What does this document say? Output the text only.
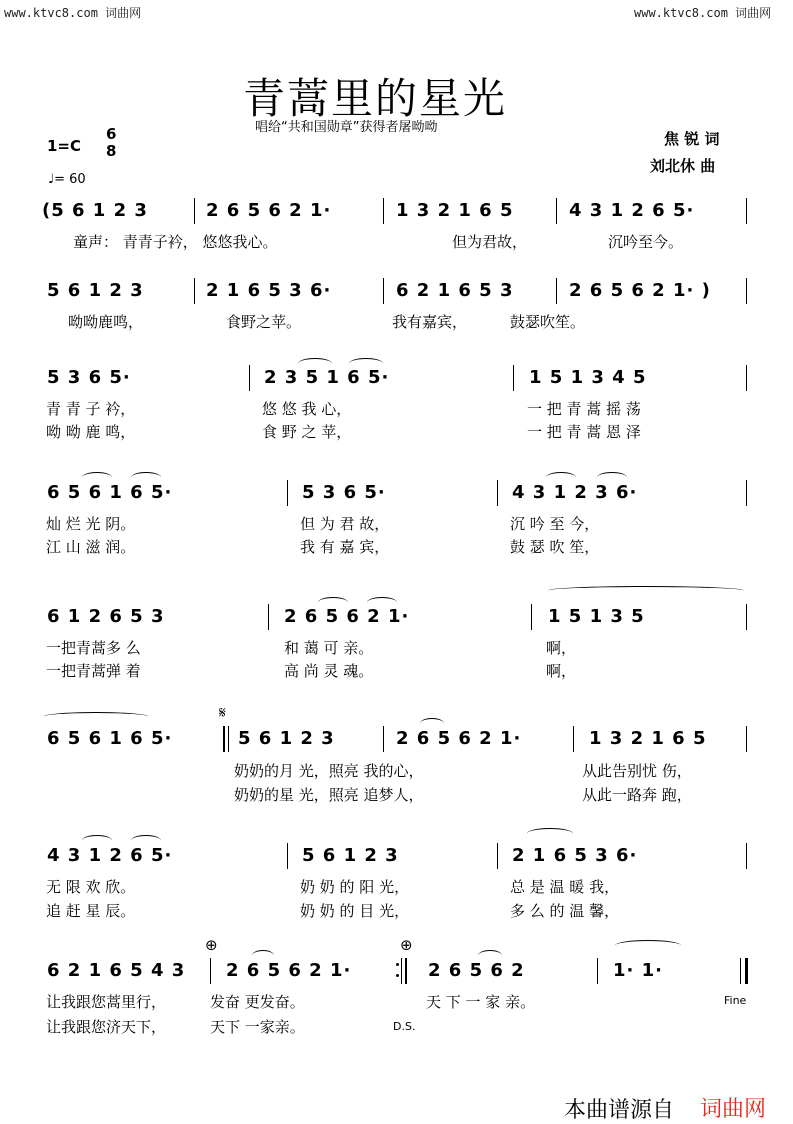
www.ktvc8.com 词曲网	www.ktvc8.com 词曲网
青蒿里的星光
唱给“共和国勋章”获得者屠呦呦
1=C
6
8
♩= 60
焦 锐 词
刘北休 曲
(5 6 1 2 3	2 6 5 6 2 1·	1 3 2 1 6 5	4 3 1 2 6 5·
童声： 青青子衿， 悠悠我心。	但为君故，	沉吟至今。
5 6 1 2 3	2 1 6 5 3 6·	6 2 1 6 5 3	2 6 5 6 2 1· )
呦呦鹿鸣，	食野之苹。	我有嘉宾，	鼓瑟吹笙。
5 3 6 5·	2 3 5 1 6 5·	1 5 1 3 4 5
青 青 子 衿，	悠 悠 我 心，	一 把 青 蒿 摇 荡
呦 呦 鹿 鸣，	食 野 之 苹，	一 把 青 蒿 恩 泽
6 5 6 1 6 5·	5 3 6 5·	4 3 1 2 3 6·
灿 烂 光 阴。	但 为 君 故，	沉 吟 至 今，
江 山 滋 润。	我 有 嘉 宾，	鼓 瑟 吹 笙，
6 1 2 6 5 3	2 6 5 6 2 1·	1 5 1 3 5
一把青蒿多 么	和 蔼 可 亲。	啊，
一把青蒿弹 着	高 尚 灵 魂。	啊，
𝄋
6 5 6 1 6 5·	5 6 1 2 3	2 6 5 6 2 1·	1 3 2 1 6 5
奶奶的月 光，照亮 我的心，	从此告别忧 伤，
奶奶的星 光，照亮 追梦人，	从此一路奔 跑，
4 3 1 2 6 5·	5 6 1 2 3	2 1 6 5 3 6·
无 限 欢 欣。	奶 奶 的 阳 光，	总 是 温 暖 我，
追 赶 星 辰。	奶 奶 的 目 光，	多 么 的 温 馨，
⊕	⊕
6 2 1 6 5 4 3 2 6 5 6 2 1·	2 6 5 6 2	1· 1·
让我跟您蒿里行，	发奋 更发奋。	天 下 一 家 亲。	Fine
让我跟您济天下，	天下 一家亲。	D.S.
本曲谱源自 词曲网
